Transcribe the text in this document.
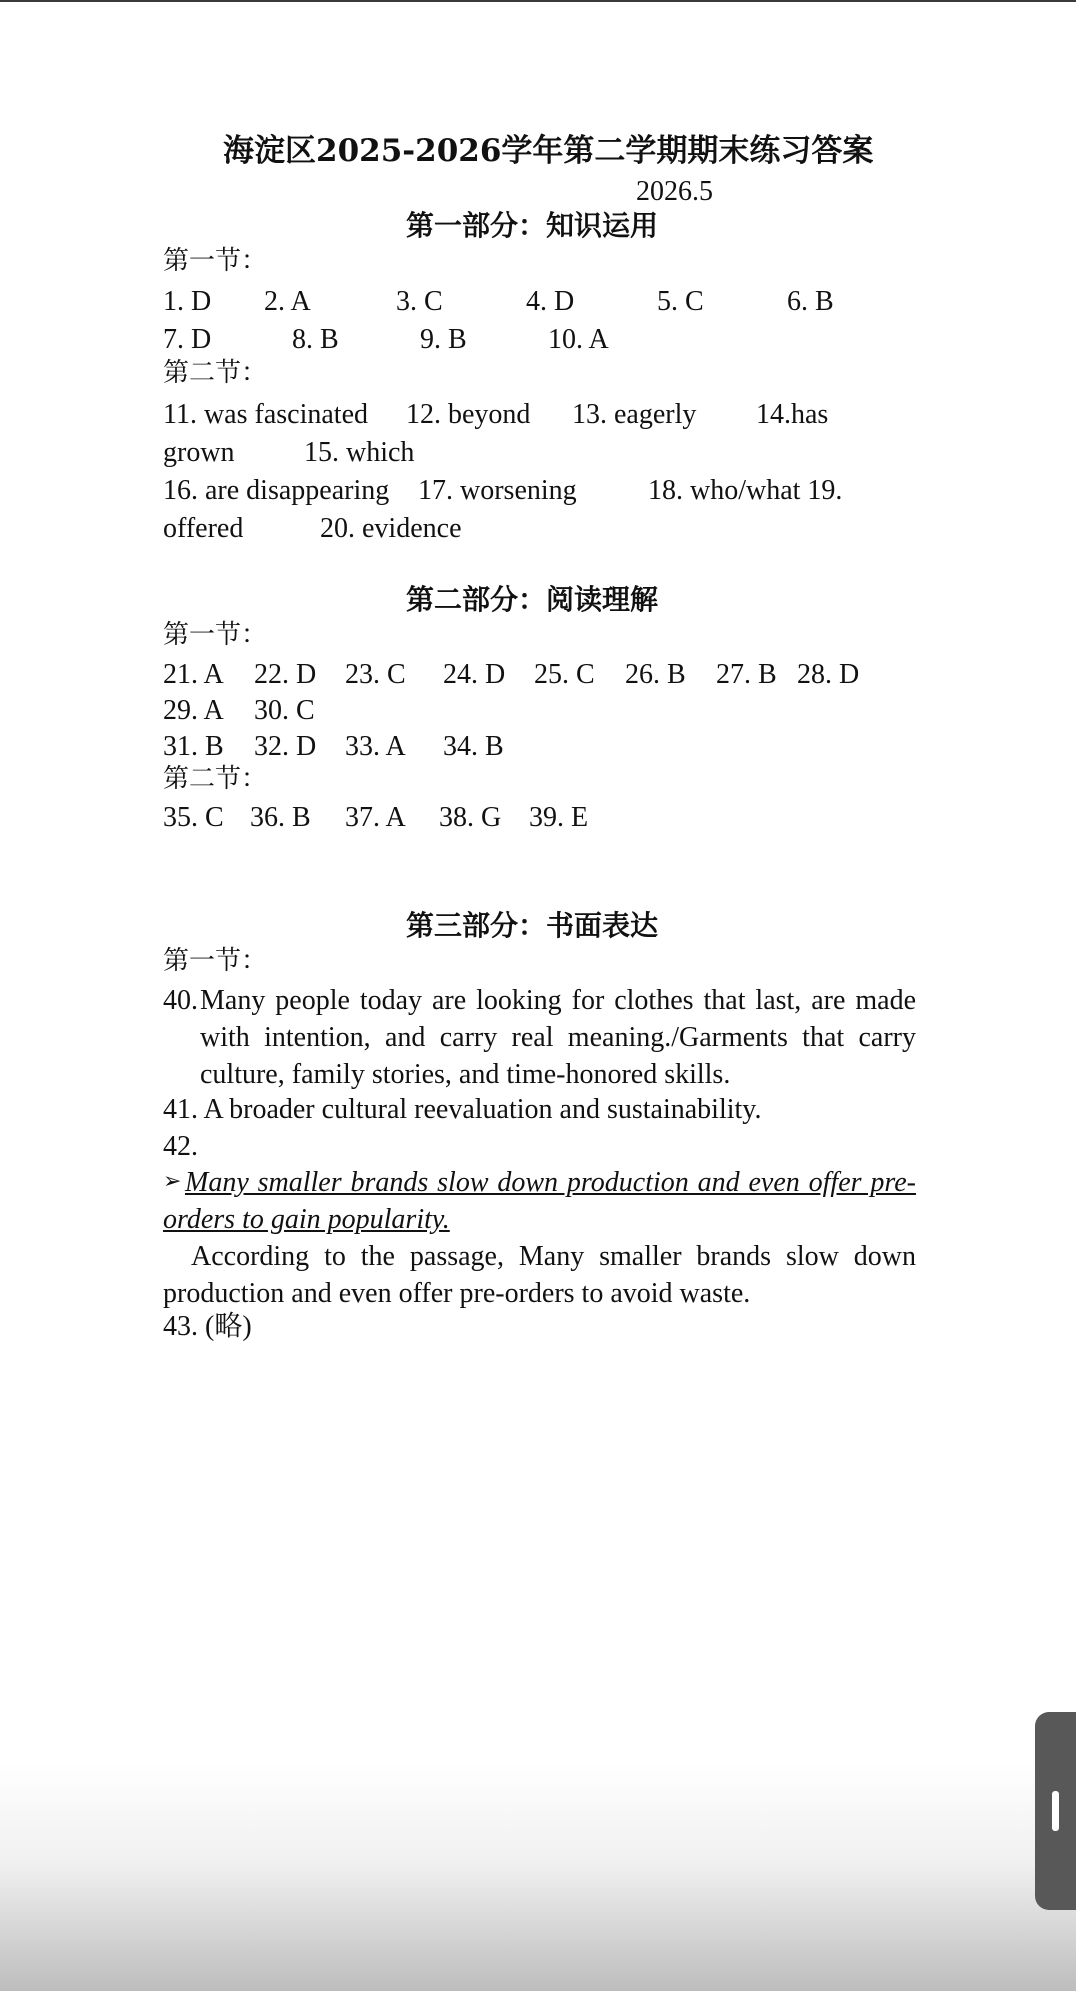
海淀区2025-2026学年第二学期期末练习答案
2026.5
第一部分：知识运用
第一节：
1. D 2. A	3. C	4. D	5. C	6. B
7. D	8. B	9. B	10. A
第二节：
11. was fascinated 12. beyond 13. eagerly 14.has
grown 15. which
16. are disappearing 17. worsening	18. who/what 19.
offered	20. evidence
第二部分：阅读理解
第一节：
21. A 22. D 23. C 24. D 25. C 26. B 27. B 28. D
29. A 30. C
31. B 32. D 33. A 34. B
第二节：
35. C 36. B 37. A 38. G 39. E
第三部分：书面表达
第一节：
40. Many people today are looking for clothes that last, are made with intention, and carry real meaning./Garments that carry culture, family stories, and time-honored skills.
41. A broader cultural reevaluation and sustainability.
42.
➢ Many smaller brands slow down production and even offer pre-orders to gain popularity.
According to the passage, Many smaller brands slow down production and even offer pre-orders to avoid waste.
43. (略)
